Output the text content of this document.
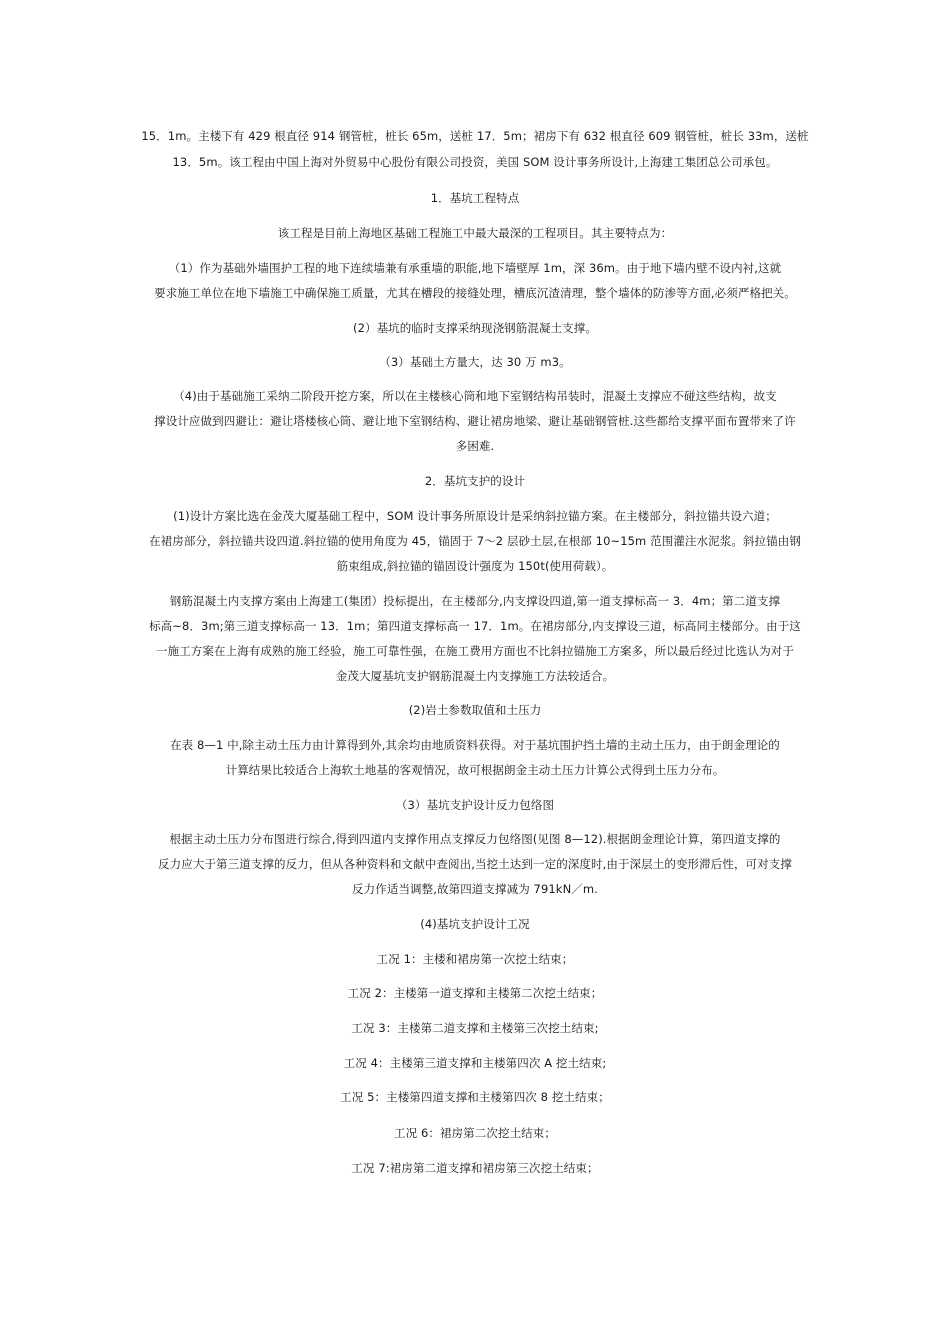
15．1m。主楼下有 429 根直径 914 钢管桩，桩长 65m，送桩 17．5m；裙房下有 632 根直径 609 钢管桩，桩长 33m，送桩
13．5m。该工程由中国上海对外贸易中心股份有限公司投资，美国 SOM 设计事务所设计,上海建工集团总公司承包。
1．基坑工程特点
该工程是目前上海地区基础工程施工中最大最深的工程项目。其主要特点为：
（1）作为基础外墙围护工程的地下连续墙兼有承重墙的职能,地下墙壁厚 1m，深 36m。由于地下墙内壁不设内衬,这就
要求施工单位在地下墙施工中确保施工质量，尤其在槽段的接缝处理，槽底沉渣清理，整个墙体的防渗等方面,必须严格把关。
(2）基坑的临时支撑采纳现浇钢筋混凝土支撑。
（3）基础土方量大，达 30 万 m3。
（4)由于基础施工采纳二阶段开挖方案，所以在主楼核心筒和地下室钢结构吊装时，混凝土支撑应不碰这些结构，故支
撑设计应做到四避让：避让塔楼核心筒、避让地下室钢结构、避让裙房地梁、避让基础钢管桩.这些都给支撑平面布置带来了许
多困难.
2．基坑支护的设计
(1)设计方案比选在金茂大厦基础工程中，SOM 设计事务所原设计是采纳斜拉锚方案。在主楼部分，斜拉锚共设六道；
在裙房部分，斜拉锚共设四道.斜拉锚的使用角度为 45，锚固于 7～2 层砂土层,在根部 10~15m 范围灌注水泥浆。斜拉锚由钢
筋束组成,斜拉锚的锚固设计强度为 150t(使用荷载）。
钢筋混凝土内支撑方案由上海建工(集团）投标提出，在主楼部分,内支撑设四道,第一道支撑标高一 3．4m；第二道支撑
标高~8．3m;第三道支撑标高一 13．1m；第四道支撑标高一 17．1m。在裙房部分,内支撑设三道，标高同主楼部分。由于这
一施工方案在上海有成熟的施工经验，施工可靠性强，在施工费用方面也不比斜拉锚施工方案多，所以最后经过比选认为对于
金茂大厦基坑支护钢筋混凝土内支撑施工方法较适合。
(2)岩土参数取值和土压力
在表 8—1 中,除主动土压力由计算得到外,其余均由地质资料获得。对于基坑围护挡土墙的主动土压力，由于朗金理论的
计算结果比较适合上海软土地基的客观情况，故可根据朗金主动土压力计算公式得到土压力分布。
（3）基坑支护设计反力包络图
根据主动土压力分布图进行综合,得到四道内支撑作用点支撑反力包络图(见图 8—12).根据朗金理论计算，第四道支撑的
反力应大于第三道支撑的反力，但从各种资料和文献中查阅出,当挖土达到一定的深度时,由于深层土的变形滞后性，可对支撑
反力作适当调整,故第四道支撑减为 791kN／m.
(4)基坑支护设计工况
工况 1：主楼和裙房第一次挖土结束；
工况 2：主楼第一道支撑和主楼第二次挖土结束；
工况 3：主楼第二道支撑和主楼第三次挖土结束;
工况 4：主楼第三道支撑和主楼第四次 A 挖土结束;
工况 5：主楼第四道支撑和主楼第四次 8 挖土结束；
工况 6：裙房第二次挖土结束；
工况 7:裙房第二道支撑和裙房第三次挖土结束；
